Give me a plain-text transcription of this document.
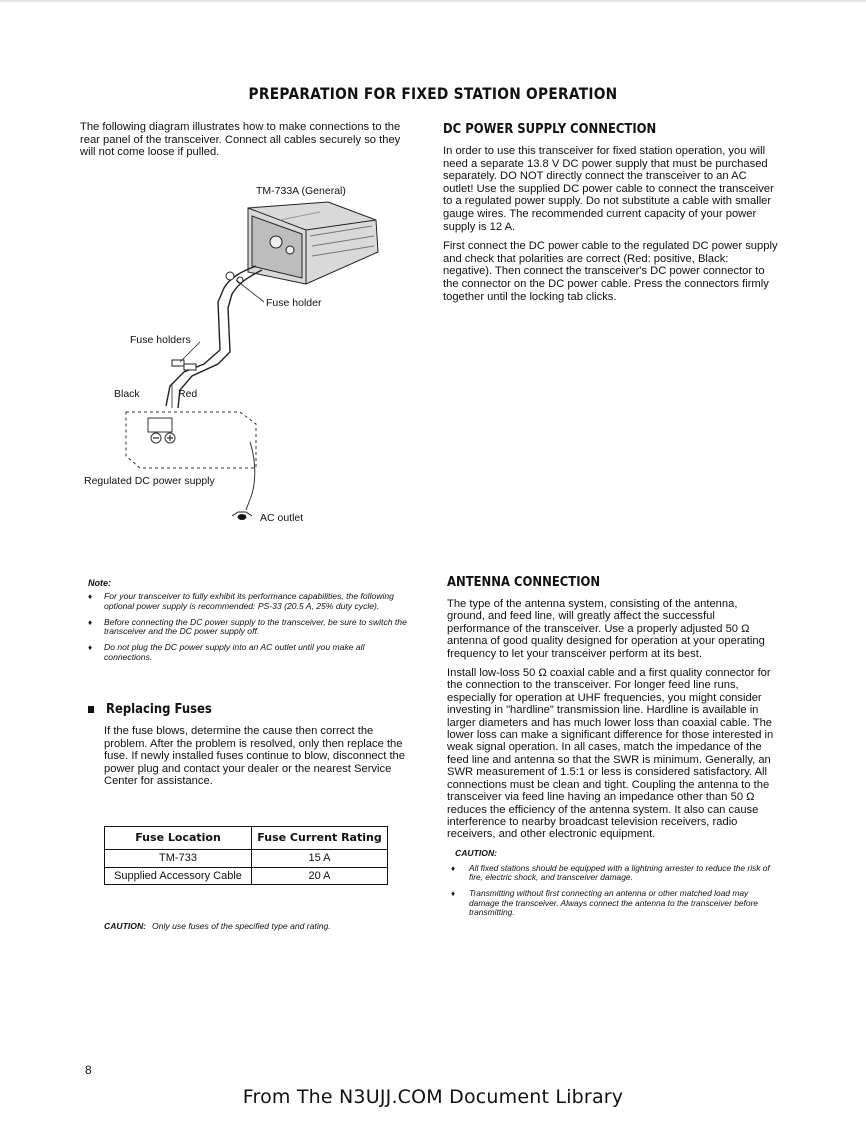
PREPARATION FOR FIXED STATION OPERATION

The following diagram illustrates how to make connections to the rear panel of the transceiver. Connect all cables securely so they will not come loose if pulled.

TM-733A (General)
Fuse holder
Fuse holders
Black	Red
Regulated DC power supply
AC outlet
DC POWER SUPPLY CONNECTION

In order to use this transceiver for fixed station operation, you will need a separate 13.8 V DC power supply that must be purchased separately. DO NOT directly connect the transceiver to an AC outlet! Use the supplied DC power cable to connect the transceiver to a regulated power supply. Do not substitute a cable with smaller gauge wires. The recommended current capacity of your power supply is 12 A.

First connect the DC power cable to the regulated DC power supply and check that polarities are correct (Red: positive, Black: negative). Then connect the transceiver's DC power connector to the connector on the DC power cable. Press the connectors firmly together until the locking tab clicks.

Note:
♦ For your transceiver to fully exhibit its performance capabilities, the following optional power supply is recommended: PS-33 (20.5 A, 25% duty cycle).
♦ Before connecting the DC power supply to the transceiver, be sure to switch the transceiver and the DC power supply off.
♦ Do not plug the DC power supply into an AC outlet until you make all connections.
Replacing Fuses

If the fuse blows, determine the cause then correct the problem. After the problem is resolved, only then replace the fuse. If newly installed fuses continue to blow, disconnect the power plug and contact your dealer or the nearest Service Center for assistance.

Fuse Location	Fuse Current Rating
TM-733	15 A
Supplied Accessory Cable	20 A
CAUTION: Only use fuses of the specified type and rating.
ANTENNA CONNECTION

The type of the antenna system, consisting of the antenna, ground, and feed line, will greatly affect the successful performance of the transceiver. Use a properly adjusted 50 Ω antenna of good quality designed for operation at your operating frequency to let your transceiver perform at its best.

Install low-loss 50 Ω coaxial cable and a first quality connector for the connection to the transceiver. For longer feed line runs, especially for operation at UHF frequencies, you might consider investing in "hardline" transmission line. Hardline is available in larger diameters and has much lower loss than coaxial cable. The lower loss can make a significant difference for those interested in weak signal operation. In all cases, match the impedance of the feed line and antenna so that the SWR is minimum. Generally, an SWR measurement of 1.5:1 or less is considered satisfactory. All connections must be clean and tight. Coupling the antenna to the transceiver via feed line having an impedance other than 50 Ω reduces the efficiency of the antenna system. It also can cause interference to nearby broadcast television receivers, radio receivers, and other electronic equipment.

CAUTION:
♦ All fixed stations should be equipped with a lightning arrester to reduce the risk of fire, electric shock, and transceiver damage.
♦ Transmitting without first connecting an antenna or other matched load may damage the transceiver. Always connect the antenna to the transceiver before transmitting.
8
From The N3UJJ.COM Document Library
